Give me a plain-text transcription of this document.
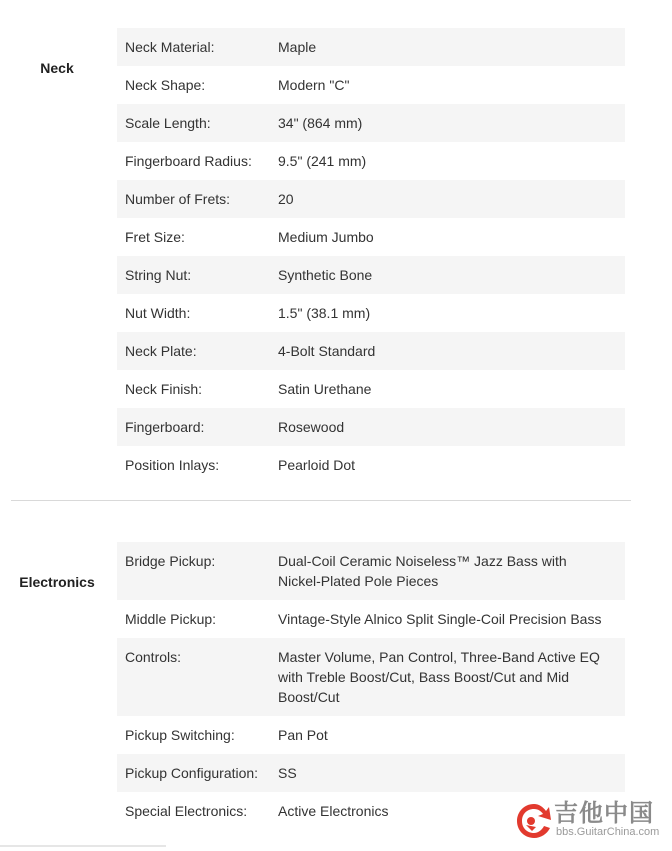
Neck
Neck Material:	Maple
Neck Shape:	Modern "C"
Scale Length:	34" (864 mm)
Fingerboard Radius:	9.5" (241 mm)
Number of Frets:	20
Fret Size:	Medium Jumbo
String Nut:	Synthetic Bone
Nut Width:	1.5" (38.1 mm)
Neck Plate:	4-Bolt Standard
Neck Finish:	Satin Urethane
Fingerboard:	Rosewood
Position Inlays:	Pearloid Dot
Electronics
Bridge Pickup:	Dual-Coil Ceramic Noiseless™ Jazz Bass with Nickel-Plated Pole Pieces
Middle Pickup:	Vintage-Style Alnico Split Single-Coil Precision Bass
Controls:	Master Volume, Pan Control, Three-Band Active EQ with Treble Boost/Cut, Bass Boost/Cut and Mid Boost/Cut
Pickup Switching:	Pan Pot
Pickup Configuration:	SS
Special Electronics:	Active Electronics	吉他中国
bbs.GuitarChina.com
